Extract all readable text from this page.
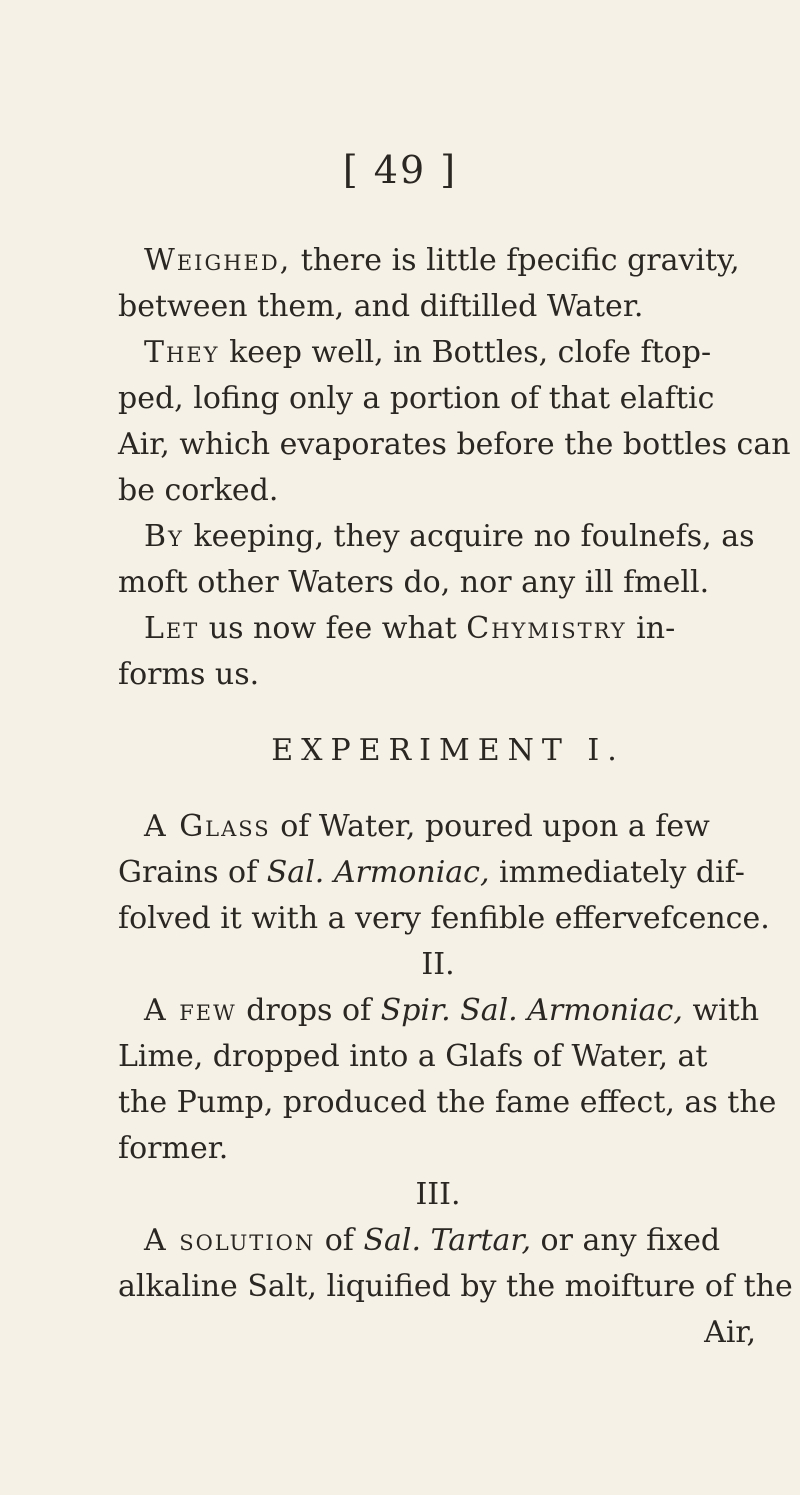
[ 49 ]
Weighed, there is little fpecific gravity,
between them, and diftilled Water.
They keep well, in Bottles, clofe ftop-
ped, lofing only a portion of that elaftic
Air, which evaporates before the bottles can
be corked.
By keeping, they acquire no foulnefs, as
moft other Waters do, nor any ill fmell.
Let us now fee what Chymistry in-
forms us.
EXPERIMENT I.
A Glass of Water, poured upon a few
Grains of Sal. Armoniac, immediately dif-
folved it with a very fenfible effervefcence.
II.
A few drops of Spir. Sal. Armoniac, with
Lime, dropped into a Glafs of Water, at
the Pump, produced the fame effect, as the
former.
III.
A solution of Sal. Tartar, or any fixed
alkaline Salt, liquified by the moifture of the
Air,
